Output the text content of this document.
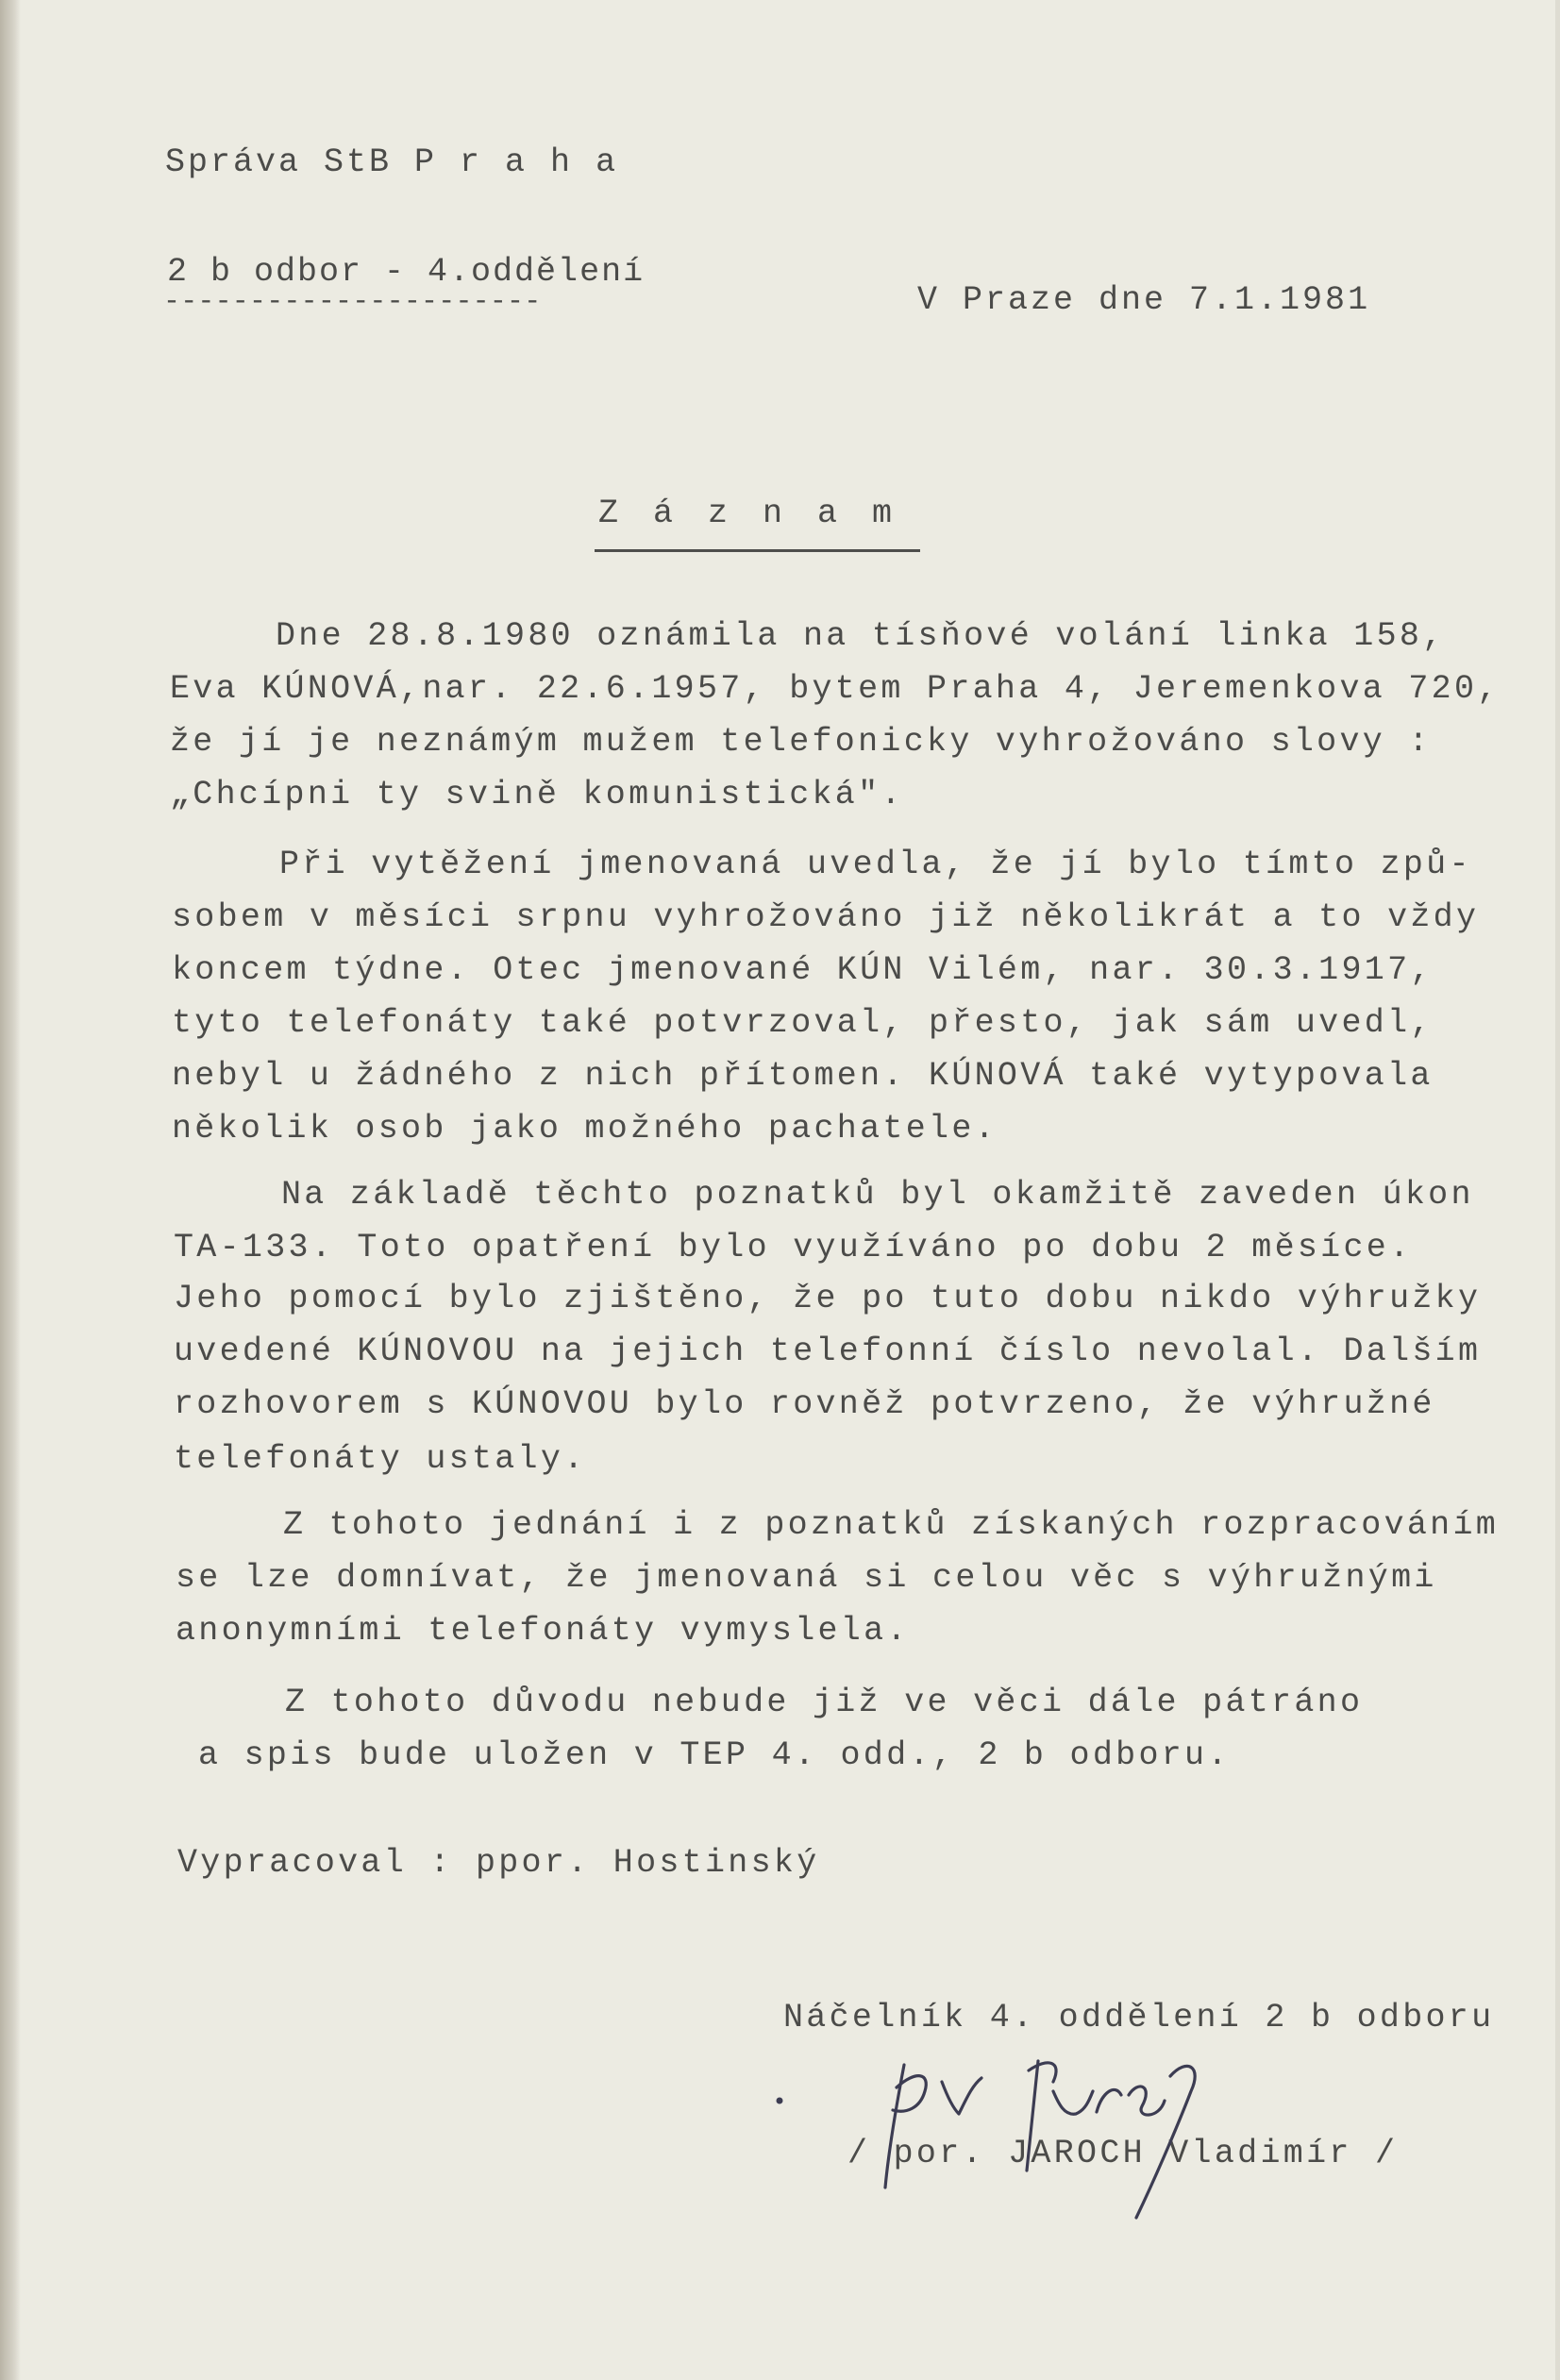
Správa StB P r a h a
2 b odbor - 4.oddělení
----------------------	V Praze dne 7.1.1981
Z á z n a m
Dne 28.8.1980 oznámila na tísňové volání linka 158,
Eva KÚNOVÁ,nar. 22.6.1957, bytem Praha 4, Jeremenkova 720,
že jí je neznámým mužem telefonicky vyhrožováno slovy :
„Chcípni ty svině komunistická".
Při vytěžení jmenovaná uvedla, že jí bylo tímto způ-
sobem v měsíci srpnu vyhrožováno již několikrát a to vždy
koncem týdne. Otec jmenované KÚN Vilém, nar. 30.3.1917,
tyto telefonáty také potvrzoval, přesto, jak sám uvedl,
nebyl u žádného z nich přítomen. KÚNOVÁ také vytypovala
několik osob jako možného pachatele.
Na základě těchto poznatků byl okamžitě zaveden úkon
TA-133. Toto opatření bylo využíváno po dobu 2 měsíce.
Jeho pomocí bylo zjištěno, že po tuto dobu nikdo výhružky
uvedené KÚNOVOU na jejich telefonní číslo nevolal. Dalším
rozhovorem s KÚNOVOU bylo rovněž potvrzeno, že výhružné
telefonáty ustaly.
Z tohoto jednání i z poznatků získaných rozpracováním
se lze domnívat, že jmenovaná si celou věc s výhružnými
anonymními telefonáty vymyslela.
Z tohoto důvodu nebude již ve věci dále pátráno
a spis bude uložen v TEP 4. odd., 2 b odboru.
Vypracoval : ppor. Hostinský
Náčelník 4. oddělení 2 b odboru
/ por. JAROCH Vladimír /
